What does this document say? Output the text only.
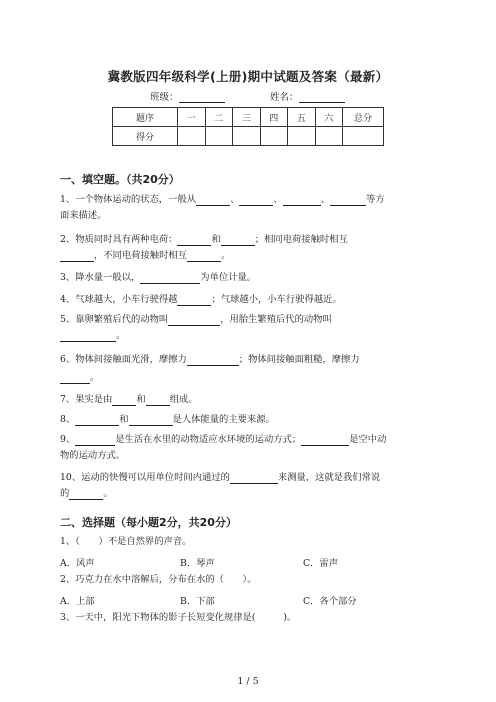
冀教版四年级科学(上册)期中试题及答案（最新）
班级：	姓名：
题序	一	二	三	四	五	六	总分
得分							
一、填空题。（共20分）
1、一个物体运动的状态，一般从	、	、	、	等方
面来描述。
2、物质同时具有两种电荷：	和	；相同电荷接触时相互
，不同电荷接触时相互	。
3、降水量一般以，	为单位计量。
4、气球越大，小车行驶得越	；气球越小，小车行驶得越近。
5、靠卵繁殖后代的动物叫	，用胎生繁殖后代的动物叫
。
6、物体间接触面光滑，摩擦力	；物体间接触面粗糙，摩擦力
。
7、果实是由	和	组成。
8、	和	是人体能量的主要来源。
9、	是生活在水里的动物适应水环境的运动方式；	是空中动
物的运动方式。
10、运动的快慢可以用单位时间内通过的	来测量，这就是我们常说
的	。
二、选择题（每小题2分，共20分）
1、（　　）不是自然界的声音。
A．风声	B．琴声	C．雷声
2、巧克力在水中溶解后，分布在水的（　　）。
A．上部	B．下部	C．各个部分
3、一天中，阳光下物体的影子长短变化规律是(　　　)。
1 / 5
